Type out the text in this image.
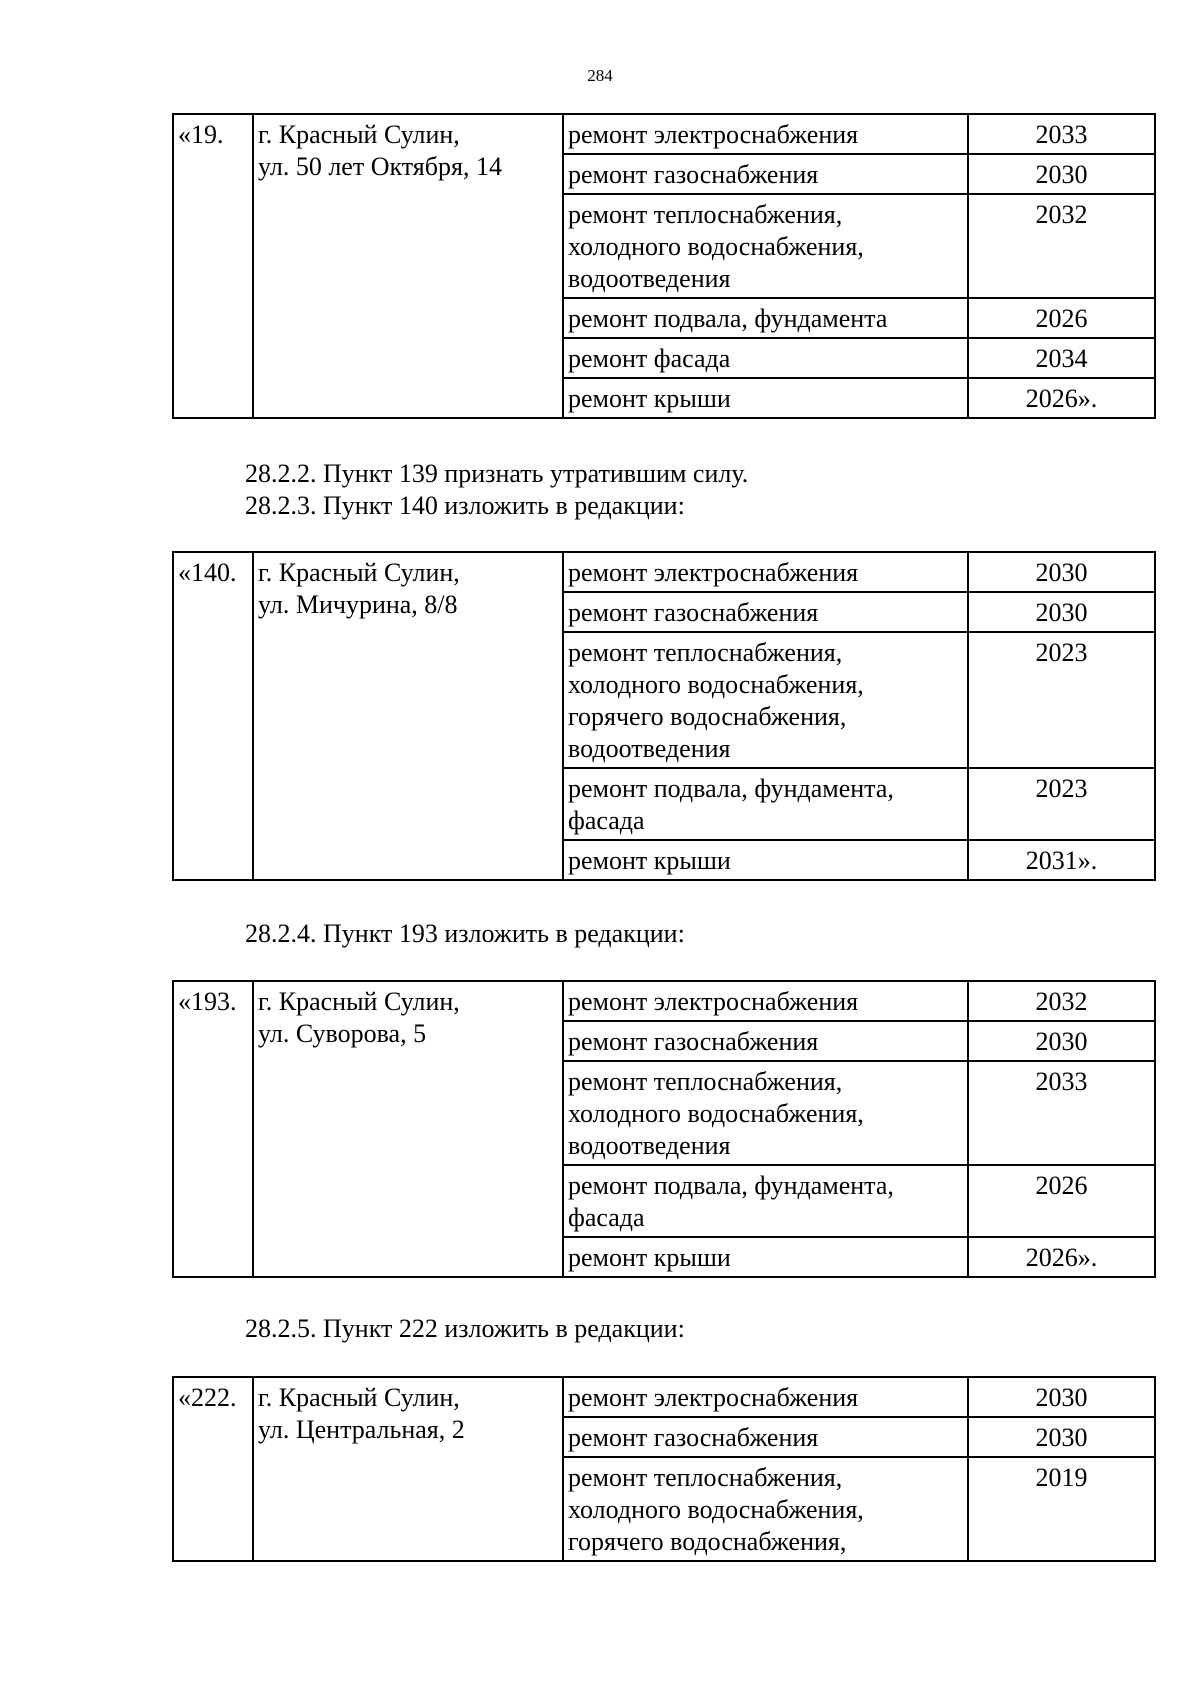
284
«19.	г. Красный Сулин,
ул. 50 лет Октября, 14	ремонт электроснабжения	2033

		ремонт газоснабжения	2030

		ремонт теплоснабжения,
холодного водоснабжения,
водоотведения	2032

		ремонт подвала, фундамента	2026

		ремонт фасада	2034

		ремонт крыши	2026».
28.2.2. Пункт 139 признать утратившим силу.
28.2.3. Пункт 140 изложить в редакции:
«140.	г. Красный Сулин,
ул. Мичурина, 8/8	ремонт электроснабжения	2030

		ремонт газоснабжения	2030

		ремонт теплоснабжения,
холодного водоснабжения,
горячего водоснабжения,
водоотведения	2023

		ремонт подвала, фундамента,
фасада	2023

		ремонт крыши	2031».
28.2.4. Пункт 193 изложить в редакции:
«193.	г. Красный Сулин,
ул. Суворова, 5	ремонт электроснабжения	2032

		ремонт газоснабжения	2030

		ремонт теплоснабжения,
холодного водоснабжения,
водоотведения	2033

		ремонт подвала, фундамента,
фасада	2026

		ремонт крыши	2026».
28.2.5. Пункт 222 изложить в редакции:
«222.	г. Красный Сулин,
ул. Центральная, 2	ремонт электроснабжения	2030

		ремонт газоснабжения	2030

		ремонт теплоснабжения,
холодного водоснабжения,
горячего водоснабжения,	2019
